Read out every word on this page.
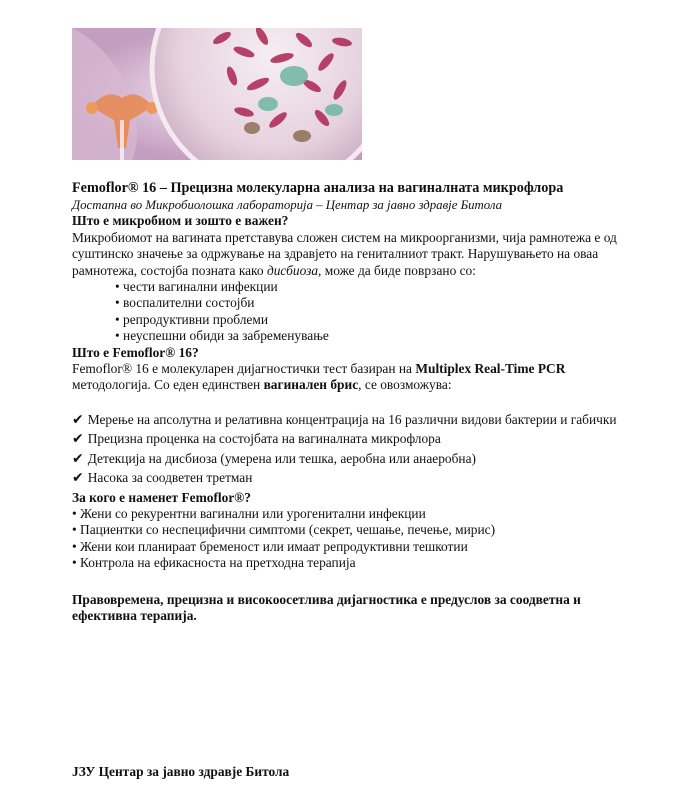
Femoflor® 16 – Прецизна молекуларна анализа на вагиналната микрофлора

Достапна во Микробиолошка лабораторија – Центар за јавно здравје Битола

Што е микробиом и зошто е важен?

Микробиомот на вагината претставува сложен систем на микроорганизми, чија рамнотежа е од суштинско значење за одржување на здравјето на гениталниот тракт. Нарушувањето на оваа рамнотежа, состојба позната како дисбиоза, може да биде поврзано со:

• чести вагинални инфекции
• воспалителни состојби
• репродуктивни проблеми
• неуспешни обиди за забременување

Што е Femoflor® 16?

Femoflor® 16 е молекуларен дијагностички тест базиран на Multiplex Real-Time PCR методологија. Со еден единствен вагинален брис, се овозможува:

✔ Мерење на апсолутна и релативна концентрација на 16 различни видови бактерии и габички
✔ Прецизна проценка на состојбата на вагиналната микрофлора
✔ Детекција на дисбиоза (умерена или тешка, аеробна или анаеробна)
✔ Насока за соодветен третман

За кого е наменет Femoflor®?

• Жени со рекурентни вагинални или урогенитални инфекции
• Пациентки со неспецифични симптоми (секрет, чешање, печење, мирис)
• Жени кои планираат бременост или имаат репродуктивни тешкотии
• Контрола на ефикасноста на претходна терапија

Правовремена, прецизна и високоосетлива дијагностика е предуслов за соодветна и ефективна терапија.

ЈЗУ Центар за јавно здравје Битола
